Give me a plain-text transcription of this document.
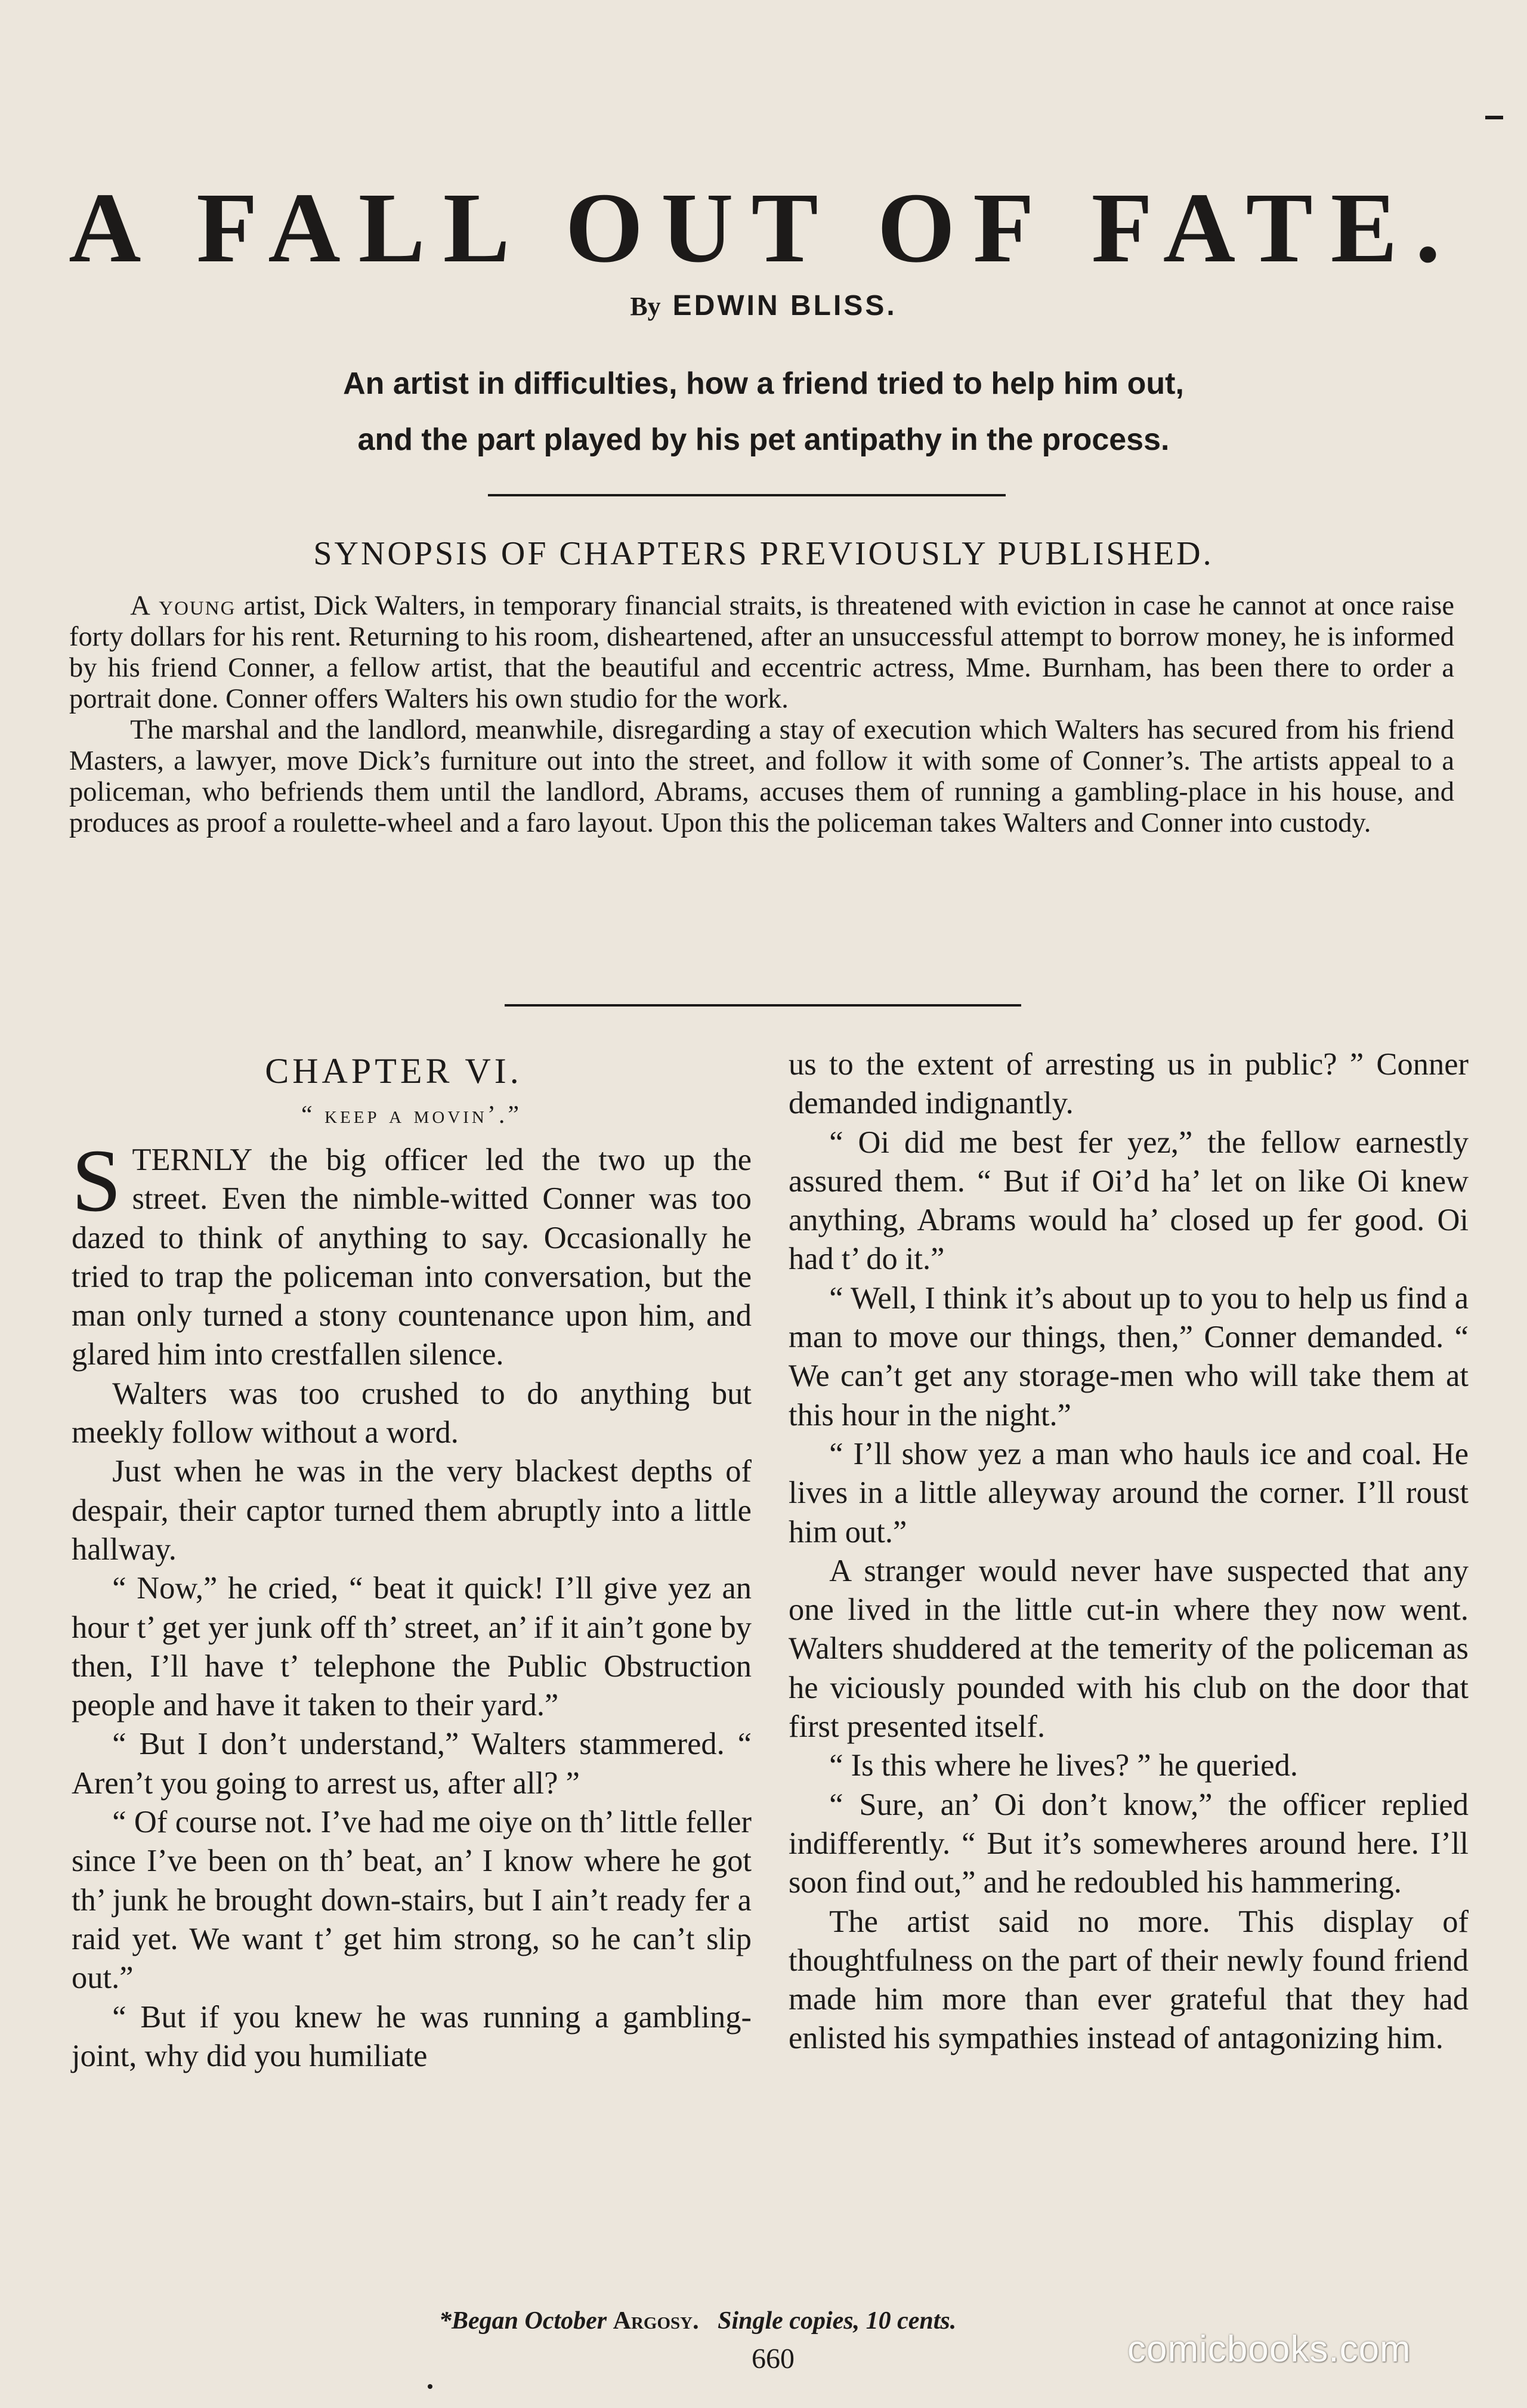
A FALL OUT OF FATE.
By EDWIN BLISS.
An artist in difficulties, how a friend tried to help him out,
and the part played by his pet antipathy in the process.
SYNOPSIS OF CHAPTERS PREVIOUSLY PUBLISHED.

A young artist, Dick Walters, in temporary financial straits, is threatened with eviction in case he cannot at once raise forty dollars for his rent. Returning to his room, disheartened, after an unsuccessful attempt to borrow money, he is informed by his friend Conner, a fellow artist, that the beautiful and eccentric actress, Mme. Burnham, has been there to order a portrait done. Conner offers Walters his own studio for the work.

The marshal and the landlord, meanwhile, disregarding a stay of execution which Walters has secured from his friend Masters, a lawyer, move Dick’s furniture out into the street, and follow it with some of Conner’s. The artists appeal to a policeman, who befriends them until the landlord, Abrams, accuses them of running a gambling-place in his house, and produces as proof a roulette-wheel and a faro layout. Upon this the policeman takes Walters and Conner into custody.

CHAPTER VI.
“ keep a movin’.”

STERNLY the big officer led the two up the street. Even the nimble-witted Conner was too dazed to think of anything to say. Occasionally he tried to trap the policeman into conversation, but the man only turned a stony countenance upon him, and glared him into crestfallen silence.

Walters was too crushed to do anything but meekly follow without a word.

Just when he was in the very blackest depths of despair, their captor turned them abruptly into a little hallway.

“ Now,” he cried, “ beat it quick! I’ll give yez an hour t’ get yer junk off th’ street, an’ if it ain’t gone by then, I’ll have t’ telephone the Public Obstruction people and have it taken to their yard.”

“ But I don’t understand,” Walters stammered. “ Aren’t you going to arrest us, after all? ”

“ Of course not. I’ve had me oiye on th’ little feller since I’ve been on th’ beat, an’ I know where he got th’ junk he brought down-stairs, but I ain’t ready fer a raid yet. We want t’ get him strong, so he can’t slip out.”

“ But if you knew he was running a gambling-joint, why did you humiliate

us to the extent of arresting us in public? ” Conner demanded indignantly.

“ Oi did me best fer yez,” the fellow earnestly assured them. “ But if Oi’d ha’ let on like Oi knew anything, Abrams would ha’ closed up fer good. Oi had t’ do it.”

“ Well, I think it’s about up to you to help us find a man to move our things, then,” Conner demanded. “ We can’t get any storage-men who will take them at this hour in the night.”

“ I’ll show yez a man who hauls ice and coal. He lives in a little alleyway around the corner. I’ll roust him out.”

A stranger would never have suspected that any one lived in the little cut-in where they now went. Walters shuddered at the temerity of the policeman as he viciously pounded with his club on the door that first presented itself.

“ Is this where he lives? ” he queried.

“ Sure, an’ Oi don’t know,” the officer replied indifferently. “ But it’s somewheres around here. I’ll soon find out,” and he redoubled his hammering.

The artist said no more. This display of thoughtfulness on the part of their newly found friend made him more than ever grateful that they had enlisted his sympathies instead of antagonizing him.

*Began October Argosy. Single copies, 10 cents.
660	comicbooks.com
